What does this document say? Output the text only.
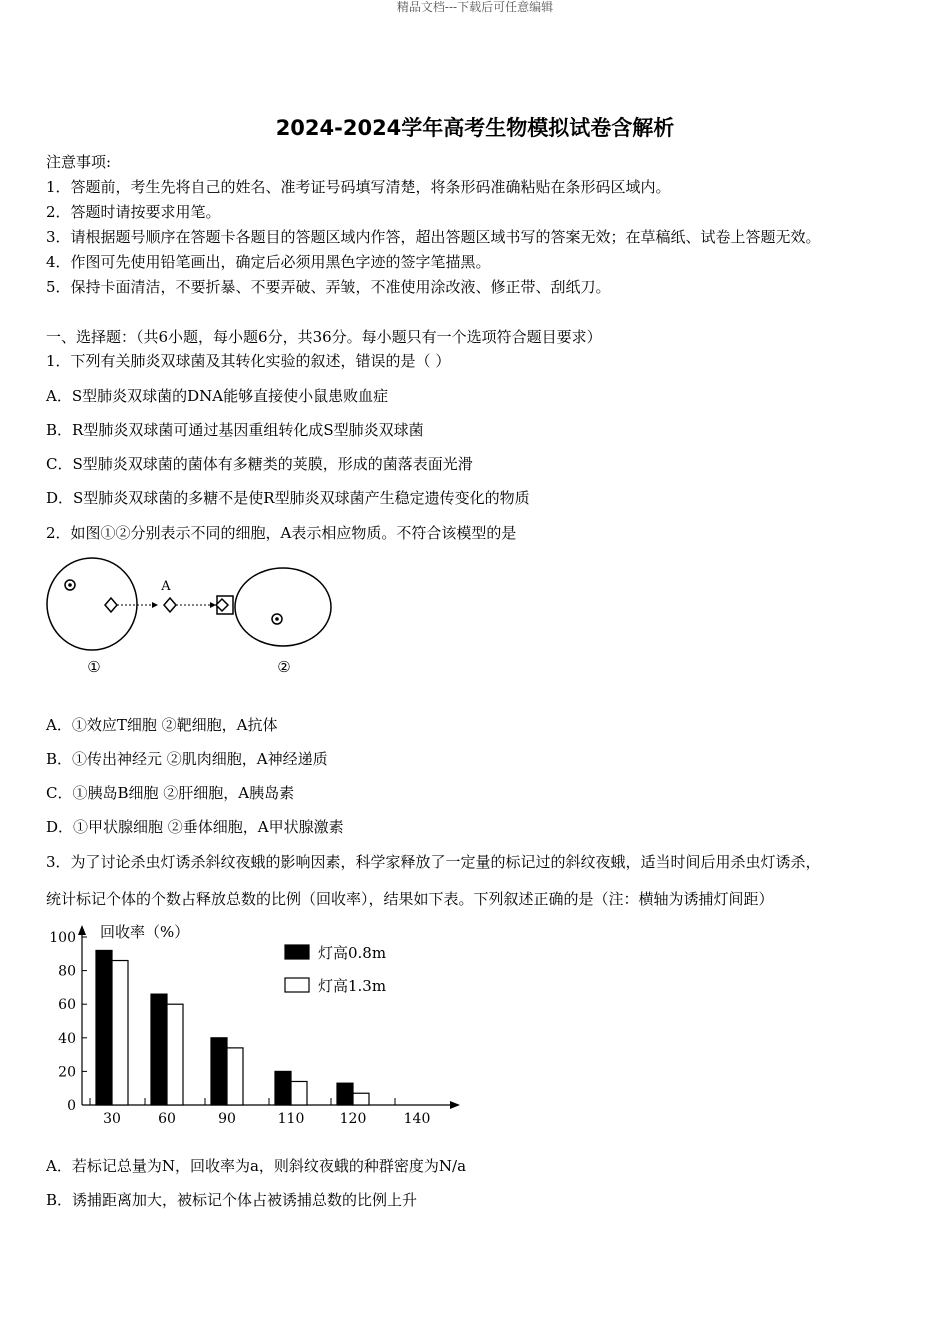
精品文档---下载后可任意编辑
2024-2024学年高考生物模拟试卷含解析
注意事项:
1．答题前，考生先将自己的姓名、准考证号码填写清楚，将条形码准确粘贴在条形码区域内。
2．答题时请按要求用笔。
3．请根据题号顺序在答题卡各题目的答题区域内作答，超出答题区域书写的答案无效；在草稿纸、试卷上答题无效。
4．作图可先使用铅笔画出，确定后必须用黑色字迹的签字笔描黑。
5．保持卡面清洁，不要折暴、不要弄破、弄皱，不准使用涂改液、修正带、刮纸刀。
一、选择题：（共6小题，每小题6分，共36分。每小题只有一个选项符合题目要求）
1．下列有关肺炎双球菌及其转化实验的叙述，错误的是（ ）
A．S型肺炎双球菌的DNA能够直接使小鼠患败血症
B．R型肺炎双球菌可通过基因重组转化成S型肺炎双球菌
C．S型肺炎双球菌的菌体有多糖类的荚膜，形成的菌落表面光滑
D．S型肺炎双球菌的多糖不是使R型肺炎双球菌产生稳定遗传变化的物质
2．如图①②分别表示不同的细胞，A表示相应物质。不符合该模型的是
A
①	②
A．①效应T细胞 ②靶细胞，A抗体
B．①传出神经元 ②肌肉细胞，A神经递质
C．①胰岛B细胞 ②肝细胞，A胰岛素
D．①甲状腺细胞 ②垂体细胞，A甲状腺激素
3．为了讨论杀虫灯诱杀斜纹夜蛾的影响因素，科学家释放了一定量的标记过的斜纹夜蛾，适当时间后用杀虫灯诱杀，
统计标记个体的个数占释放总数的比例（回收率），结果如下表。下列叙述正确的是（注：横轴为诱捕灯间距）
回收率（%）
0
20
40
60
80
100
30	60	90	110	120	140
灯高0.8m
灯高1.3m
A．若标记总量为N，回收率为a，则斜纹夜蛾的种群密度为N/a
B．诱捕距离加大，被标记个体占被诱捕总数的比例上升
